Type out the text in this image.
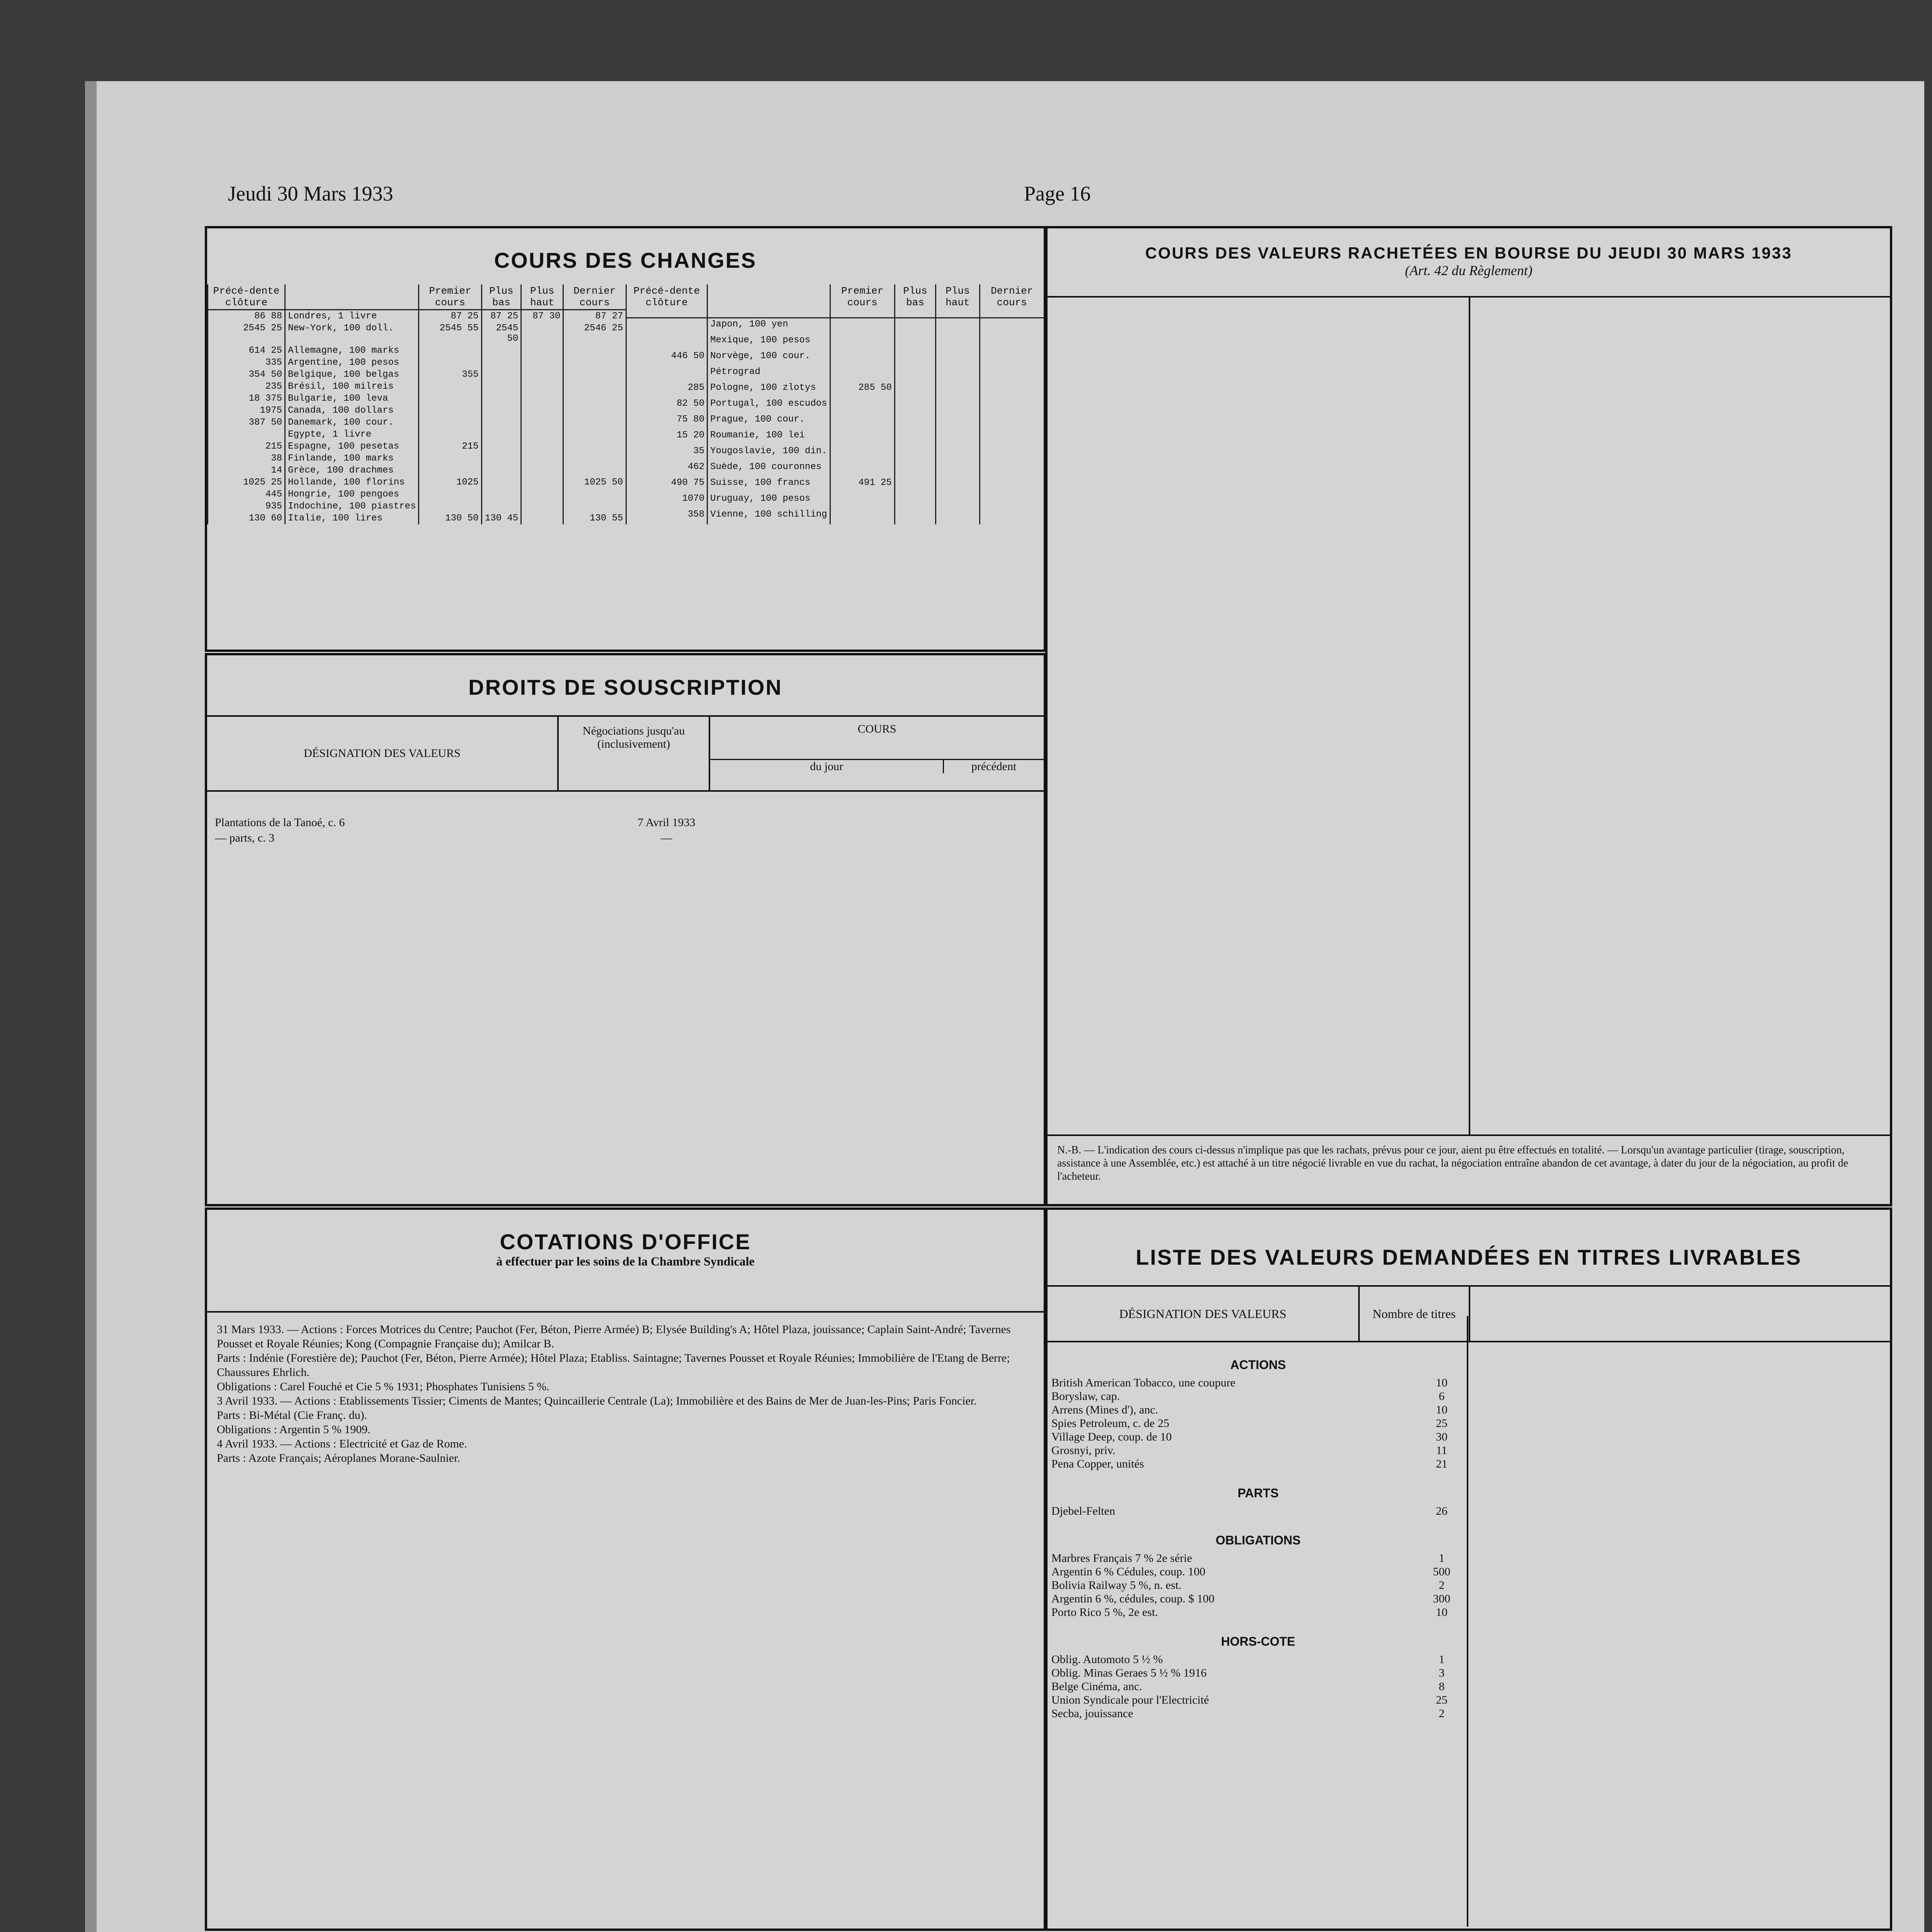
Jeudi 30 Mars 1933	Page 16
COURS DES CHANGES
Précé-dente clôture		Premier cours	Plus bas	Plus haut	Dernier cours
86 88	Londres, 1 livre	87 25	87 25	87 30	87 27
2545 25	New-York, 100 doll.	2545 55	2545 50		2546 25
614 25	Allemagne, 100 marks				
335	Argentine, 100 pesos				
354 50	Belgique, 100 belgas	355			
235	Brésil, 100 milreis				
18 375	Bulgarie, 100 leva				
1975	Canada, 100 dollars				
387 50	Danemark, 100 cour.				
	Egypte, 1 livre				
215	Espagne, 100 pesetas	215			
38	Finlande, 100 marks				
14	Grèce, 100 drachmes				
1025 25	Hollande, 100 florins	1025			1025 50
445	Hongrie, 100 pengoes				
935	Indochine, 100 piastres				
130 60	Italie, 100 lires	130 50	130 45		130 55
Précé-dente clôture		Premier cours	Plus bas	Plus haut	Dernier cours
	Japon, 100 yen				
	Mexique, 100 pesos				
446 50	Norvège, 100 cour.				
	Pétrograd				
285	Pologne, 100 zlotys	285 50			
82 50	Portugal, 100 escudos				
75 80	Prague, 100 cour.				
15 20	Roumanie, 100 lei				
35	Yougoslavie, 100 din.				
462	Suède, 100 couronnes				
490 75	Suisse, 100 francs	491 25			
1070	Uruguay, 100 pesos				
358	Vienne, 100 schilling				
DROITS DE SOUSCRIPTION
DÉSIGNATION DES VALEURS
Négociations jusqu'au (inclusivement)
COURS
du jour	précédent
Plantations de la Tanoé, c. 6	7 Avril 1933
— parts, c. 3	—
COURS DES VALEURS RACHETÉES EN BOURSE DU JEUDI 30 MARS 1933
(Art. 42 du Règlement)
N.-B. — L'indication des cours ci-dessus n'implique pas que les rachats, prévus pour ce jour, aient pu être effectués en totalité. — Lorsqu'un avantage particulier (tirage, souscription, assistance à une Assemblée, etc.) est attaché à un titre négocié livrable en vue du rachat, la négociation entraîne abandon de cet avantage, à dater du jour de la négociation, au profit de l'acheteur.
COTATIONS D'OFFICE
à effectuer par les soins de la Chambre Syndicale
31 Mars 1933. — Actions : Forces Motrices du Centre; Pauchot (Fer, Béton, Pierre Armée) B; Elysée Building's A; Hôtel Plaza, jouissance; Caplain Saint-André; Tavernes Pousset et Royale Réunies; Kong (Compagnie Française du); Amilcar B.
Parts : Indénie (Forestière de); Pauchot (Fer, Béton, Pierre Armée); Hôtel Plaza; Etabliss. Saintagne; Tavernes Pousset et Royale Réunies; Immobilière de l'Etang de Berre; Chaussures Ehrlich.
Obligations : Carel Fouché et Cie 5 % 1931; Phosphates Tunisiens 5 %.
3 Avril 1933. — Actions : Etablissements Tissier; Ciments de Mantes; Quincaillerie Centrale (La); Immobilière et des Bains de Mer de Juan-les-Pins; Paris Foncier.
Parts : Bi-Métal (Cie Franç. du).
Obligations : Argentin 5 % 1909.
4 Avril 1933. — Actions : Electricité et Gaz de Rome.
Parts : Azote Français; Aéroplanes Morane-Saulnier.
LISTE DES VALEURS DEMANDÉES EN TITRES LIVRABLES
DÉSIGNATION DES VALEURS	Nombre de titres
ACTIONS
British American Tobacco, une coupure	10
Boryslaw, cap.	6
Arrens (Mines d'), anc.	10
Spies Petroleum, c. de 25	25
Village Deep, coup. de 10	30
Grosnyi, priv.	11
Pena Copper, unités	21
PARTS
Djebel-Felten	26
OBLIGATIONS
Marbres Français 7 % 2e série	1
Argentin 6 % Cédules, coup. 100	500
Bolivia Railway 5 %, n. est.	2
Argentin 6 %, cédules, coup. $ 100	300
Porto Rico 5 %, 2e est.	10
HORS-COTE
Oblig. Automoto 5 ½ %	1
Oblig. Minas Geraes 5 ½ % 1916	3
Belge Cinéma, anc.	8
Union Syndicale pour l'Electricité	25
Secba, jouissance	2
